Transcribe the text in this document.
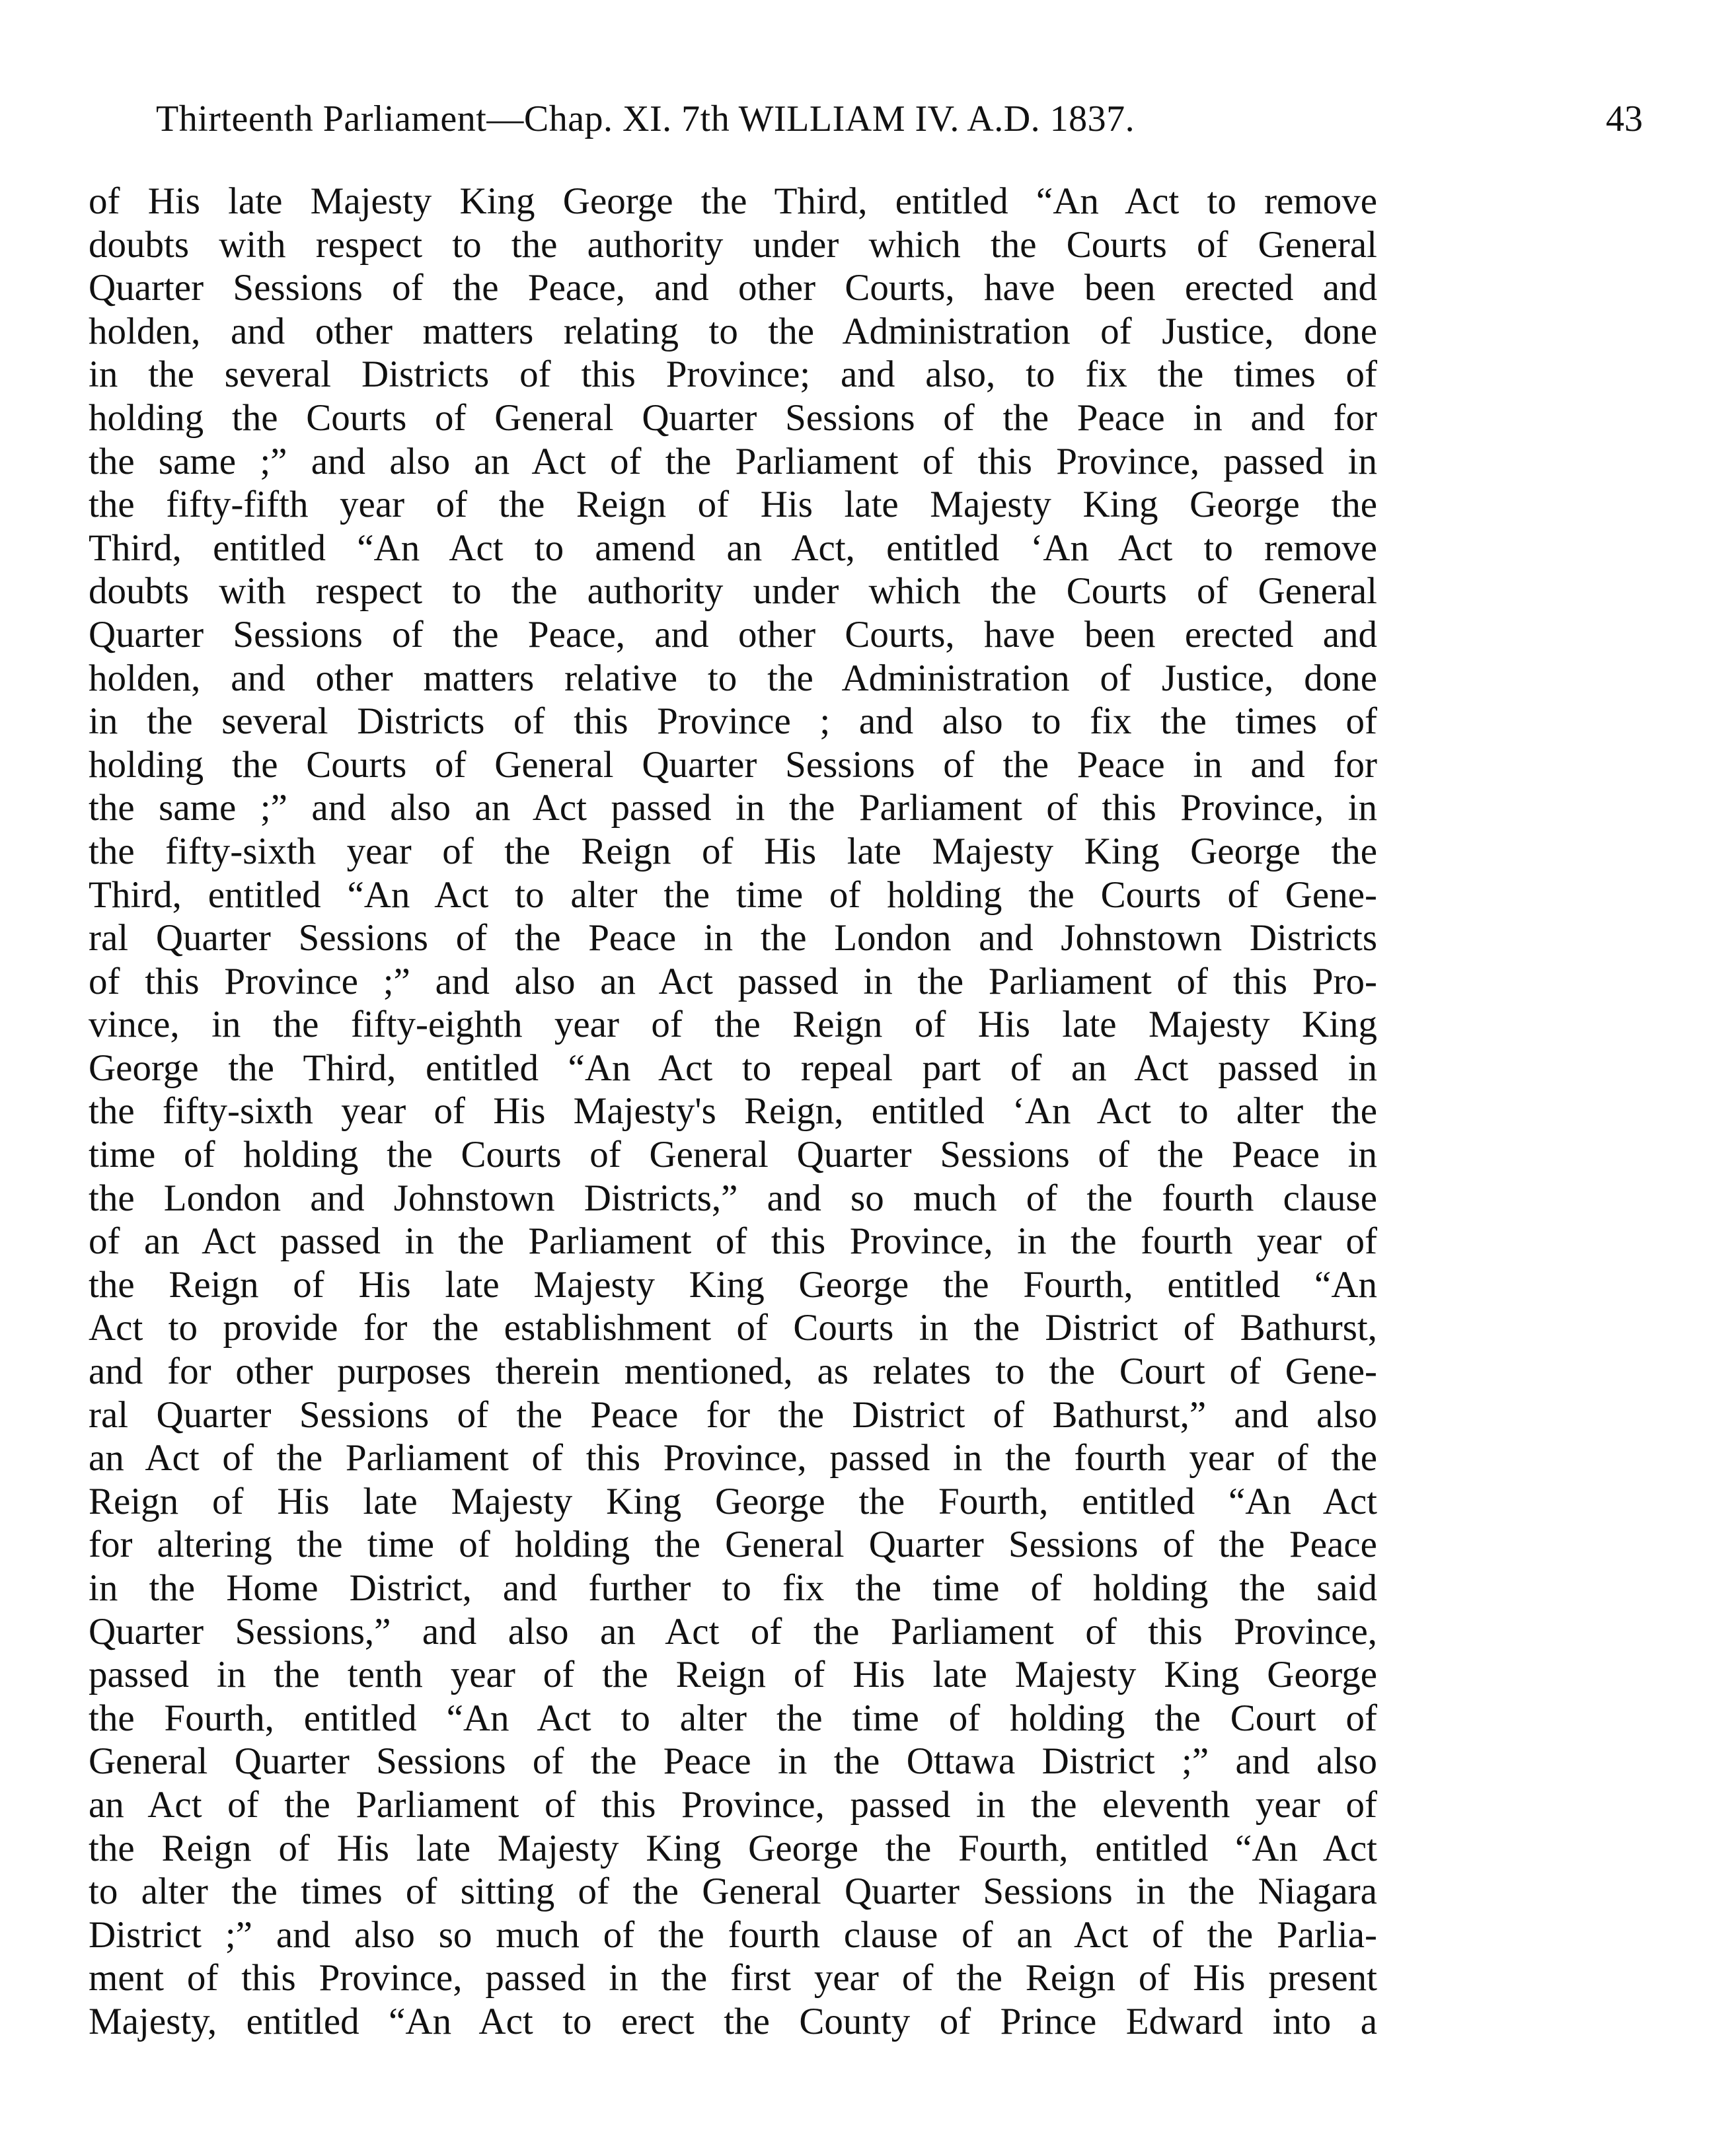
Thirteenth Parliament—Chap. XI. 7th WILLIAM IV. A.D. 1837.	43
of His late Majesty King George the Third, entitled “An Act to remove
doubts with respect to the authority under which the Courts of General
Quarter Sessions of the Peace, and other Courts, have been erected and
holden, and other matters relating to the Administration of Justice, done
in the several Districts of this Province; and also, to fix the times of
holding the Courts of General Quarter Sessions of the Peace in and for
the same ;” and also an Act of the Parliament of this Province, passed in
the fifty-fifth year of the Reign of His late Majesty King George the
Third, entitled “An Act to amend an Act, entitled ‘An Act to remove
doubts with respect to the authority under which the Courts of General
Quarter Sessions of the Peace, and other Courts, have been erected and
holden, and other matters relative to the Administration of Justice, done
in the several Districts of this Province ; and also to fix the times of
holding the Courts of General Quarter Sessions of the Peace in and for
the same ;” and also an Act passed in the Parliament of this Province, in
the fifty-sixth year of the Reign of His late Majesty King George the
Third, entitled “An Act to alter the time of holding the Courts of Gene-
ral Quarter Sessions of the Peace in the London and Johnstown Districts
of this Province ;” and also an Act passed in the Parliament of this Pro-
vince, in the fifty-eighth year of the Reign of His late Majesty King
George the Third, entitled “An Act to repeal part of an Act passed in
the fifty-sixth year of His Majesty's Reign, entitled ‘An Act to alter the
time of holding the Courts of General Quarter Sessions of the Peace in
the London and Johnstown Districts,” and so much of the fourth clause
of an Act passed in the Parliament of this Province, in the fourth year of
the Reign of His late Majesty King George the Fourth, entitled “An
Act to provide for the establishment of Courts in the District of Bathurst,
and for other purposes therein mentioned, as relates to the Court of Gene-
ral Quarter Sessions of the Peace for the District of Bathurst,” and also
an Act of the Parliament of this Province, passed in the fourth year of the
Reign of His late Majesty King George the Fourth, entitled “An Act
for altering the time of holding the General Quarter Sessions of the Peace
in the Home District, and further to fix the time of holding the said
Quarter Sessions,” and also an Act of the Parliament of this Province,
passed in the tenth year of the Reign of His late Majesty King George
the Fourth, entitled “An Act to alter the time of holding the Court of
General Quarter Sessions of the Peace in the Ottawa District ;” and also
an Act of the Parliament of this Province, passed in the eleventh year of
the Reign of His late Majesty King George the Fourth, entitled “An Act
to alter the times of sitting of the General Quarter Sessions in the Niagara
District ;” and also so much of the fourth clause of an Act of the Parlia-
ment of this Province, passed in the first year of the Reign of His present
Majesty, entitled “An Act to erect the County of Prince Edward into a
